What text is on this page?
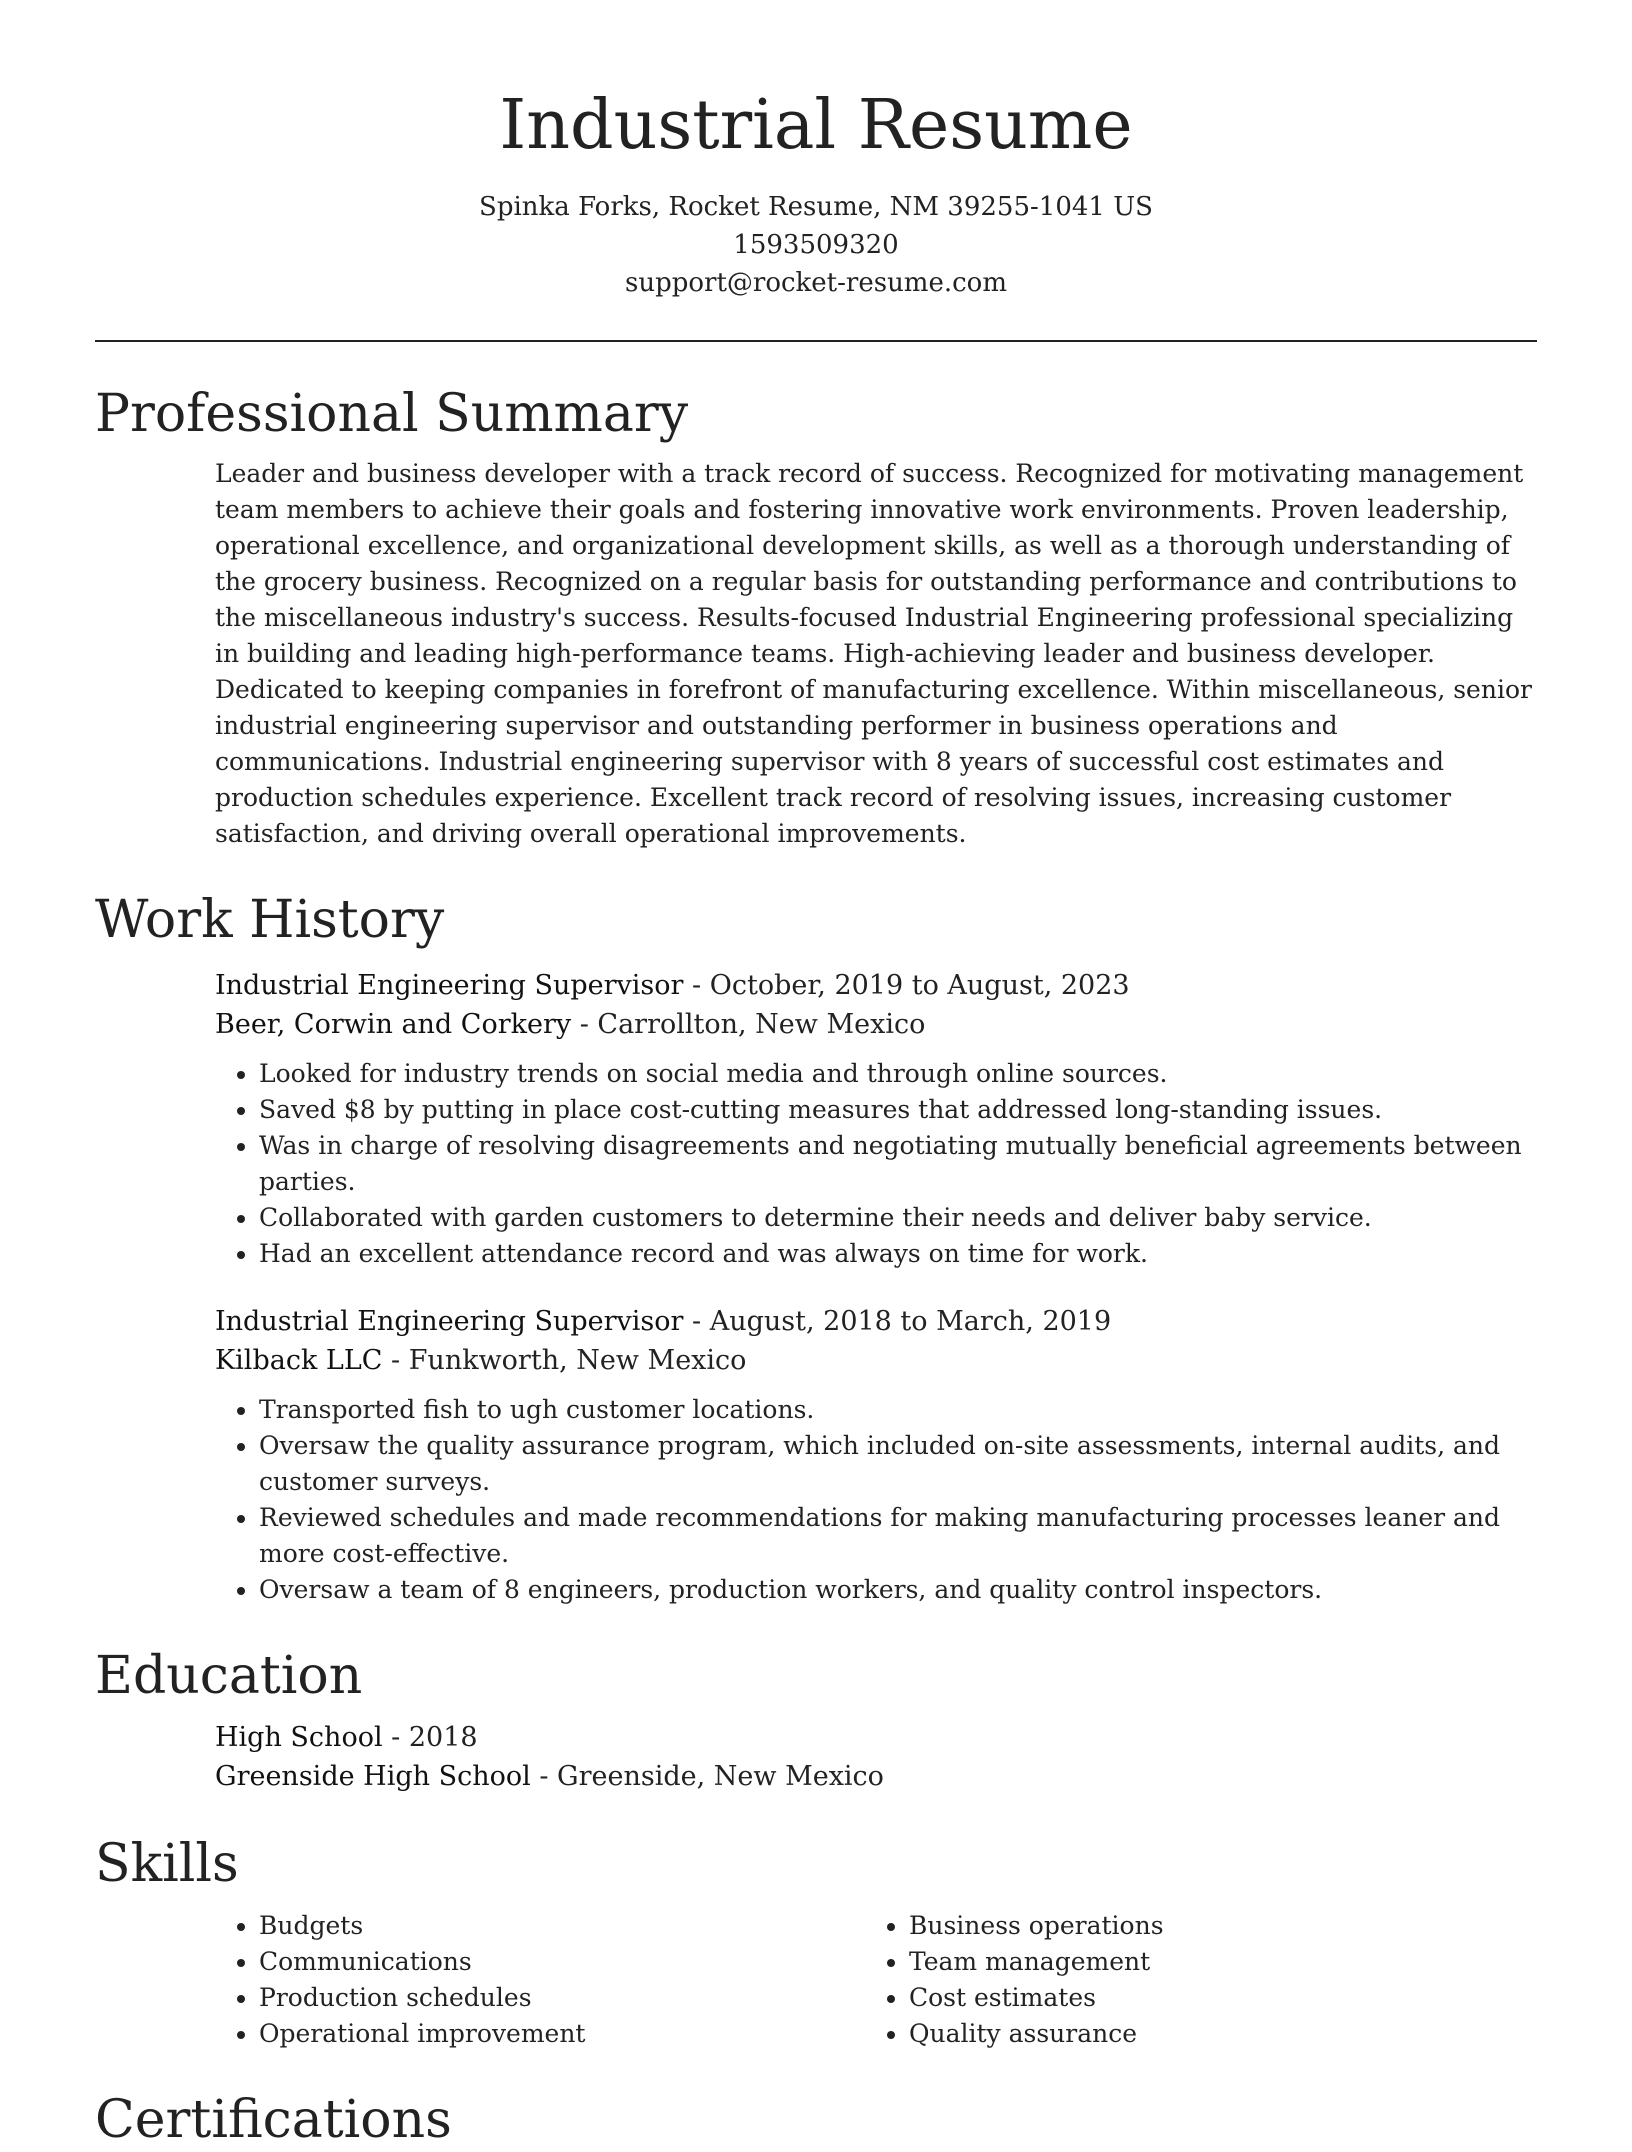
Industrial Resume

Spinka Forks, Rocket Resume, NM 39255-1041 US

1593509320

support@rocket-resume.com

Professional Summary

Leader and business developer with a track record of success. Recognized for motivating management team members to achieve their goals and fostering innovative work environments. Proven leadership, operational excellence, and organizational development skills, as well as a thorough understanding of the grocery business. Recognized on a regular basis for outstanding performance and contributions to the miscellaneous industry's success. Results-focused Industrial Engineering professional specializing in building and leading high-performance teams. High-achieving leader and business developer. Dedicated to keeping companies in forefront of manufacturing excellence. Within miscellaneous, senior industrial engineering supervisor and outstanding performer in business operations and communications. Industrial engineering supervisor with 8 years of successful cost estimates and production schedules experience. Excellent track record of resolving issues, increasing customer satisfaction, and driving overall operational improvements.

Work History

Industrial Engineering Supervisor - October, 2019 to August, 2023

Beer, Corwin and Corkery - Carrollton, New Mexico

• Looked for industry trends on social media and through online sources.
• Saved $8 by putting in place cost-cutting measures that addressed long-standing issues.
• Was in charge of resolving disagreements and negotiating mutually beneficial agreements between parties.
• Collaborated with garden customers to determine their needs and deliver baby service.
• Had an excellent attendance record and was always on time for work.

Industrial Engineering Supervisor - August, 2018 to March, 2019

Kilback LLC - Funkworth, New Mexico

• Transported fish to ugh customer locations.
• Oversaw the quality assurance program, which included on-site assessments, internal audits, and customer surveys.
• Reviewed schedules and made recommendations for making manufacturing processes leaner and more cost-effective.
• Oversaw a team of 8 engineers, production workers, and quality control inspectors.
Education

High School - 2018

Greenside High School - Greenside, New Mexico

Skills
• Budgets
• Communications
• Production schedules
• Operational improvement
• Business operations
• Team management
• Cost estimates
• Quality assurance
Certifications
